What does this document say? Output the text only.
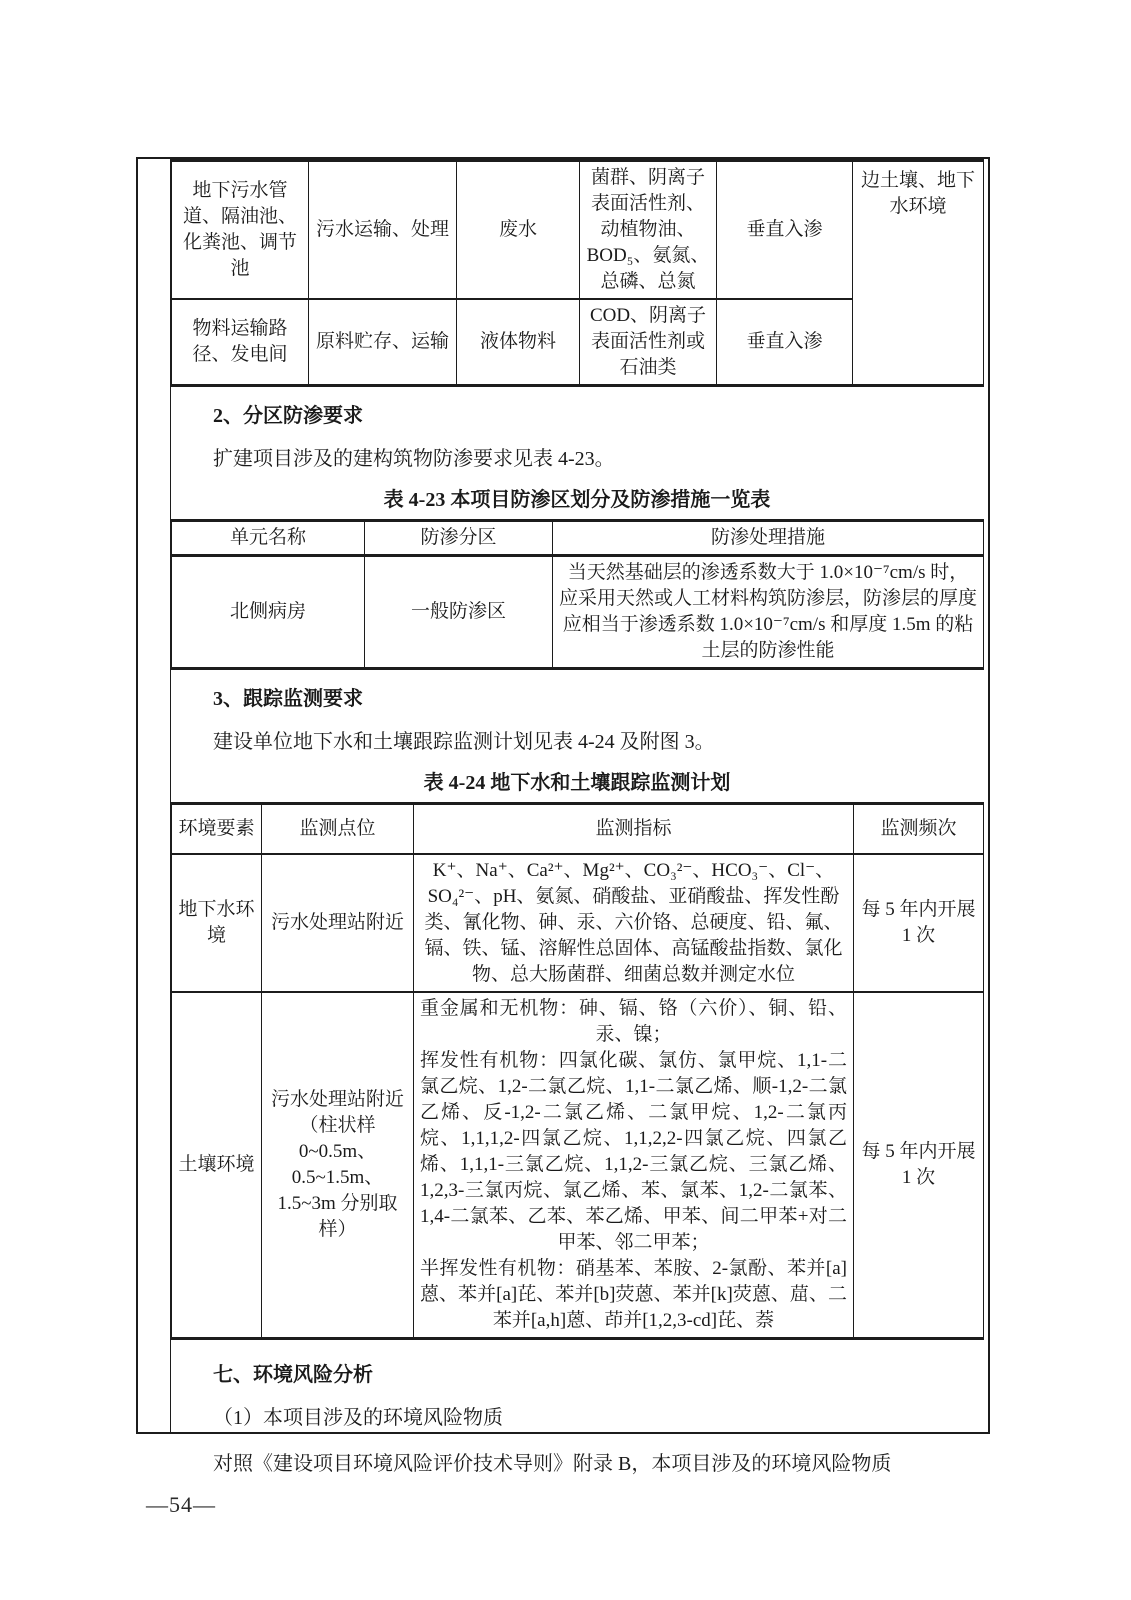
地下污水管道、隔油池、化粪池、调节池	污水运输、处理	废水	菌群、阴离子表面活性剂、动植物油、BOD₅、氨氮、总磷、总氮	垂直入渗	边土壤、地下水环境
物料运输路径、发电间	原料贮存、运输	液体物料	COD、阴离子表面活性剂或石油类	垂直入渗	
2、分区防渗要求

扩建项目涉及的建构筑物防渗要求见表 4-23。

表 4-23 本项目防渗区划分及防渗措施一览表
单元名称	防渗分区	防渗处理措施
北侧病房	一般防渗区	当天然基础层的渗透系数大于 1.0×10⁻⁷cm/s 时，应采用天然或人工材料构筑防渗层，防渗层的厚度应相当于渗透系数 1.0×10⁻⁷cm/s 和厚度 1.5m 的粘土层的防渗性能
3、跟踪监测要求

建设单位地下水和土壤跟踪监测计划见表 4-24 及附图 3。

表 4-24 地下水和土壤跟踪监测计划
环境要素	监测点位	监测指标	监测频次
地下水环境	污水处理站附近	K⁺、Na⁺、Ca²⁺、Mg²⁺、CO₃²⁻、HCO₃⁻、Cl⁻、SO₄²⁻、pH、氨氮、硝酸盐、亚硝酸盐、挥发性酚类、氰化物、砷、汞、六价铬、总硬度、铅、氟、镉、铁、锰、溶解性总固体、高锰酸盐指数、氯化物、总大肠菌群、细菌总数并测定水位	每 5 年内开展 1 次
土壤环境	污水处理站附近（柱状样 0~0.5m、0.5~1.5m、1.5~3m 分别取样）	重金属和无机物：砷、镉、铬（六价）、铜、铅、汞、镍；

挥发性有机物：四氯化碳、氯仿、氯甲烷、1,1-二氯乙烷、1,2-二氯乙烷、1,1-二氯乙烯、顺-1,2-二氯乙烯、反-1,2-二氯乙烯、二氯甲烷、1,2-二氯丙烷、1,1,1,2-四氯乙烷、1,1,2,2-四氯乙烷、四氯乙烯、1,1,1-三氯乙烷、1,1,2-三氯乙烷、三氯乙烯、1,2,3-三氯丙烷、氯乙烯、苯、氯苯、1,2-二氯苯、1,4-二氯苯、乙苯、苯乙烯、甲苯、间二甲苯+对二甲苯、邻二甲苯；

半挥发性有机物：硝基苯、苯胺、2-氯酚、苯并[a]蒽、苯并[a]芘、苯并[b]荧蒽、苯并[k]荧蒽、䓛、二苯并[a,h]蒽、茚并[1,2,3-cd]芘、萘	每 5 年内开展 1 次
七、环境风险分析

（1）本项目涉及的环境风险物质

对照《建设项目环境风险评价技术导则》附录 B，本项目涉及的环境风险物质

—54—
